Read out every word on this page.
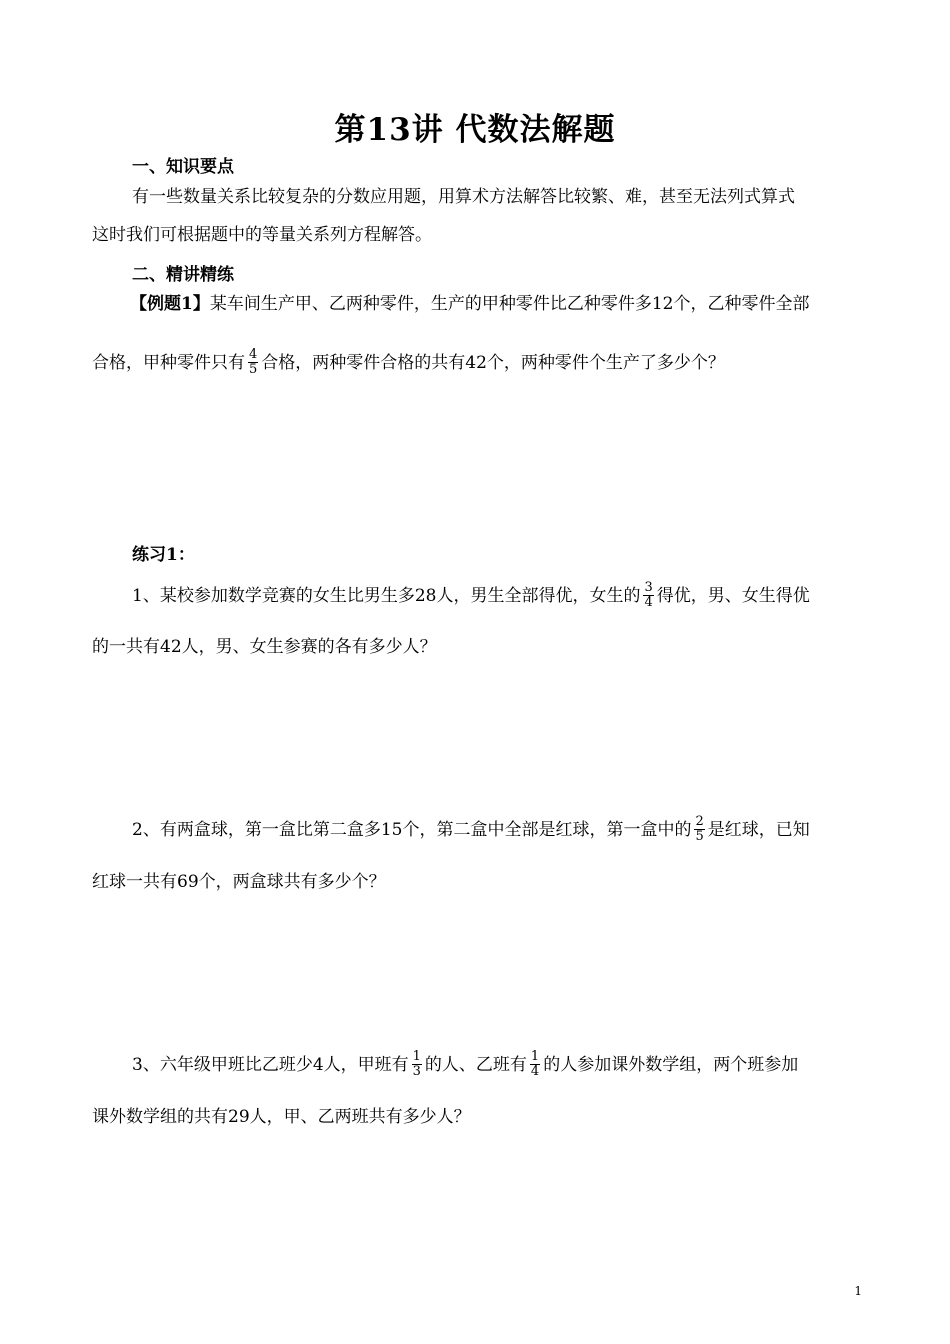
第13讲 代数法解题
一、知识要点
有一些数量关系比较复杂的分数应用题，用算术方法解答比较繁、难，甚至无法列式算式
这时我们可根据题中的等量关系列方程解答。
二、精讲精练
【例题1】某车间生产甲、乙两种零件，生产的甲种零件比乙种零件多12个，乙种零件全部
合格，甲种零件只有 $\frac{4}{5}$ 合格，两种零件合格的共有42个，两种零件个生产了多少个？
练习1：
1、某校参加数学竞赛的女生比男生多28人，男生全部得优，女生的 $\frac{3}{4}$ 得优，男、女生得优
的一共有42人，男、女生参赛的各有多少人？
2、有两盒球，第一盒比第二盒多15个，第二盒中全部是红球，第一盒中的 $\frac{2}{5}$ 是红球，已知
红球一共有69个，两盒球共有多少个？
3、六年级甲班比乙班少4人，甲班有 $\frac{1}{3}$ 的人、乙班有 $\frac{1}{4}$ 的人参加课外数学组，两个班参加
课外数学组的共有29人，甲、乙两班共有多少人？
1
